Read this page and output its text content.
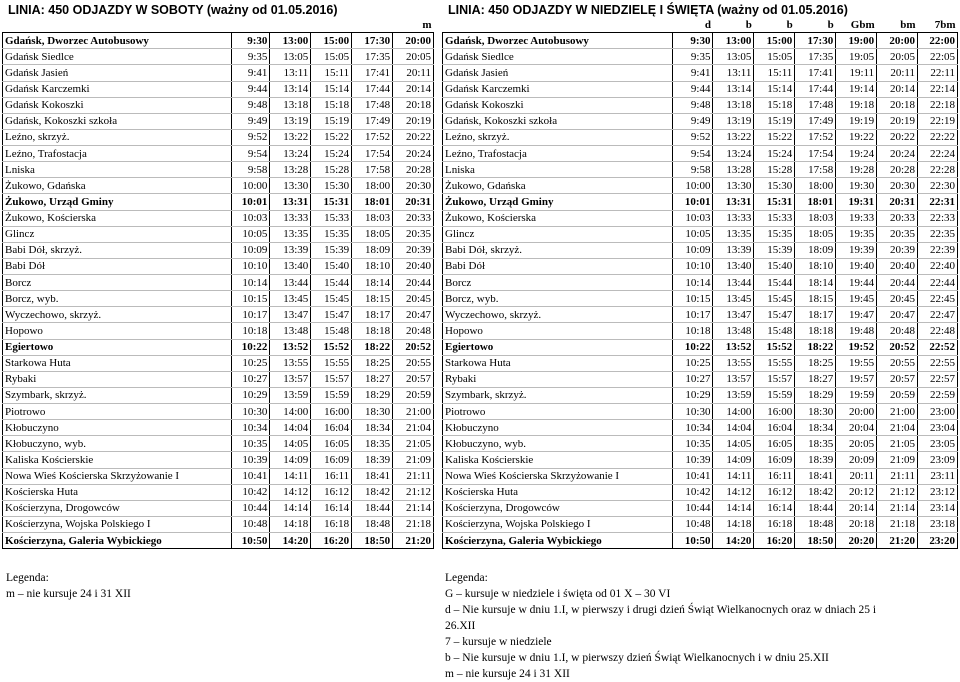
LINIA: 450 ODJAZDY W SOBOTY (ważny od 01.05.2016)
					m
Gdańsk, Dworzec Autobusowy	9:30	13:00	15:00	17:30	20:00
Gdańsk Siedlce	9:35	13:05	15:05	17:35	20:05
Gdańsk Jasień	9:41	13:11	15:11	17:41	20:11
Gdańsk Karczemki	9:44	13:14	15:14	17:44	20:14
Gdańsk Kokoszki	9:48	13:18	15:18	17:48	20:18
Gdańsk, Kokoszki szkoła	9:49	13:19	15:19	17:49	20:19
Leźno, skrzyż.	9:52	13:22	15:22	17:52	20:22
Leźno, Trafostacja	9:54	13:24	15:24	17:54	20:24
Lniska	9:58	13:28	15:28	17:58	20:28
Żukowo, Gdańska	10:00	13:30	15:30	18:00	20:30
Żukowo, Urząd Gminy	10:01	13:31	15:31	18:01	20:31
Żukowo, Kościerska	10:03	13:33	15:33	18:03	20:33
Glincz	10:05	13:35	15:35	18:05	20:35
Babi Dół, skrzyż.	10:09	13:39	15:39	18:09	20:39
Babi Dół	10:10	13:40	15:40	18:10	20:40
Borcz	10:14	13:44	15:44	18:14	20:44
Borcz, wyb.	10:15	13:45	15:45	18:15	20:45
Wyczechowo, skrzyż.	10:17	13:47	15:47	18:17	20:47
Hopowo	10:18	13:48	15:48	18:18	20:48
Egiertowo	10:22	13:52	15:52	18:22	20:52
Starkowa Huta	10:25	13:55	15:55	18:25	20:55
Rybaki	10:27	13:57	15:57	18:27	20:57
Szymbark, skrzyż.	10:29	13:59	15:59	18:29	20:59
Piotrowo	10:30	14:00	16:00	18:30	21:00
Kłobuczyno	10:34	14:04	16:04	18:34	21:04
Kłobuczyno, wyb.	10:35	14:05	16:05	18:35	21:05
Kaliska Kościerskie	10:39	14:09	16:09	18:39	21:09
Nowa Wieś Kościerska Skrzyżowanie I	10:41	14:11	16:11	18:41	21:11
Kościerska Huta	10:42	14:12	16:12	18:42	21:12
Kościerzyna, Drogowców	10:44	14:14	16:14	18:44	21:14
Kościerzyna, Wojska Polskiego I	10:48	14:18	16:18	18:48	21:18
Kościerzyna, Galeria Wybickiego	10:50	14:20	16:20	18:50	21:20
LINIA: 450 ODJAZDY W NIEDZIELĘ I ŚWIĘTA (ważny od 01.05.2016)
	d	b	b	b	Gbm	bm	7bm
Gdańsk, Dworzec Autobusowy	9:30	13:00	15:00	17:30	19:00	20:00	22:00
Gdańsk Siedlce	9:35	13:05	15:05	17:35	19:05	20:05	22:05
Gdańsk Jasień	9:41	13:11	15:11	17:41	19:11	20:11	22:11
Gdańsk Karczemki	9:44	13:14	15:14	17:44	19:14	20:14	22:14
Gdańsk Kokoszki	9:48	13:18	15:18	17:48	19:18	20:18	22:18
Gdańsk, Kokoszki szkoła	9:49	13:19	15:19	17:49	19:19	20:19	22:19
Leźno, skrzyż.	9:52	13:22	15:22	17:52	19:22	20:22	22:22
Leźno, Trafostacja	9:54	13:24	15:24	17:54	19:24	20:24	22:24
Lniska	9:58	13:28	15:28	17:58	19:28	20:28	22:28
Żukowo, Gdańska	10:00	13:30	15:30	18:00	19:30	20:30	22:30
Żukowo, Urząd Gminy	10:01	13:31	15:31	18:01	19:31	20:31	22:31
Żukowo, Kościerska	10:03	13:33	15:33	18:03	19:33	20:33	22:33
Glincz	10:05	13:35	15:35	18:05	19:35	20:35	22:35
Babi Dół, skrzyż.	10:09	13:39	15:39	18:09	19:39	20:39	22:39
Babi Dół	10:10	13:40	15:40	18:10	19:40	20:40	22:40
Borcz	10:14	13:44	15:44	18:14	19:44	20:44	22:44
Borcz, wyb.	10:15	13:45	15:45	18:15	19:45	20:45	22:45
Wyczechowo, skrzyż.	10:17	13:47	15:47	18:17	19:47	20:47	22:47
Hopowo	10:18	13:48	15:48	18:18	19:48	20:48	22:48
Egiertowo	10:22	13:52	15:52	18:22	19:52	20:52	22:52
Starkowa Huta	10:25	13:55	15:55	18:25	19:55	20:55	22:55
Rybaki	10:27	13:57	15:57	18:27	19:57	20:57	22:57
Szymbark, skrzyż.	10:29	13:59	15:59	18:29	19:59	20:59	22:59
Piotrowo	10:30	14:00	16:00	18:30	20:00	21:00	23:00
Kłobuczyno	10:34	14:04	16:04	18:34	20:04	21:04	23:04
Kłobuczyno, wyb.	10:35	14:05	16:05	18:35	20:05	21:05	23:05
Kaliska Kościerskie	10:39	14:09	16:09	18:39	20:09	21:09	23:09
Nowa Wieś Kościerska Skrzyżowanie I	10:41	14:11	16:11	18:41	20:11	21:11	23:11
Kościerska Huta	10:42	14:12	16:12	18:42	20:12	21:12	23:12
Kościerzyna, Drogowców	10:44	14:14	16:14	18:44	20:14	21:14	23:14
Kościerzyna, Wojska Polskiego I	10:48	14:18	16:18	18:48	20:18	21:18	23:18
Kościerzyna, Galeria Wybickiego	10:50	14:20	16:20	18:50	20:20	21:20	23:20
Legenda:
m – nie kursuje 24 i 31 XII
Legenda:
G – kursuje w niedziele i święta od 01 X – 30 VI
d – Nie kursuje w dniu 1.I, w pierwszy i drugi dzień Świąt Wielkanocnych oraz w dniach 25 i 26.XII
7 – kursuje w niedziele
b – Nie kursuje w dniu 1.I, w pierwszy dzień Świąt Wielkanocnych i w dniu 25.XII
m – nie kursuje 24 i 31 XII
